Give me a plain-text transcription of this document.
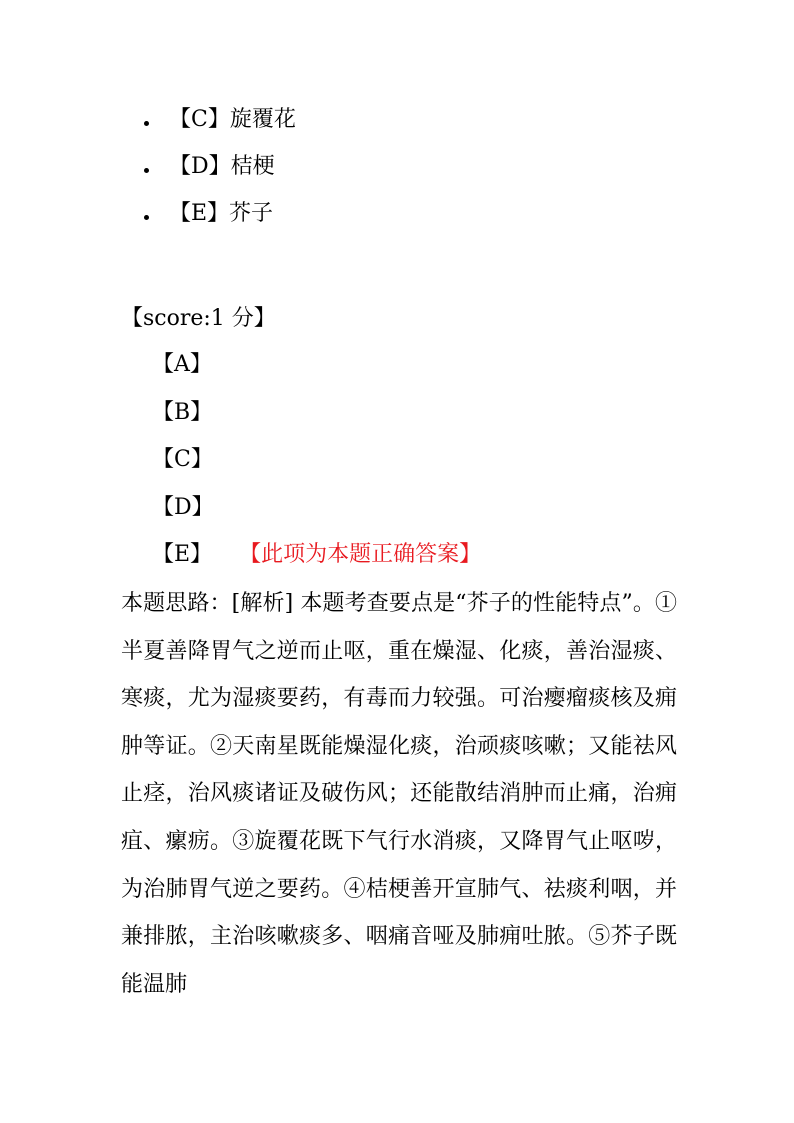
【C】旋覆花
【D】桔梗
【E】芥子
【score:1 分】
【A】
【B】
【C】
【D】
【E】 【此项为本题正确答案】
本题思路：[解析] 本题考查要点是“芥子的性能特点”。①半夏善降胃气之逆而止呕，重在燥湿、化痰，善治湿痰、寒痰，尤为湿痰要药，有毒而力较强。可治瘿瘤痰核及痈肿等证。②天南星既能燥湿化痰，治顽痰咳嗽；又能祛风止痉，治风痰诸证及破伤风；还能散结消肿而止痛，治痈疽、瘰疬。③旋覆花既下气行水消痰，又降胃气止呕哕，为治肺胃气逆之要药。④桔梗善开宣肺气、祛痰利咽，并兼排脓，主治咳嗽痰多、咽痛音哑及肺痈吐脓。⑤芥子既能温肺
